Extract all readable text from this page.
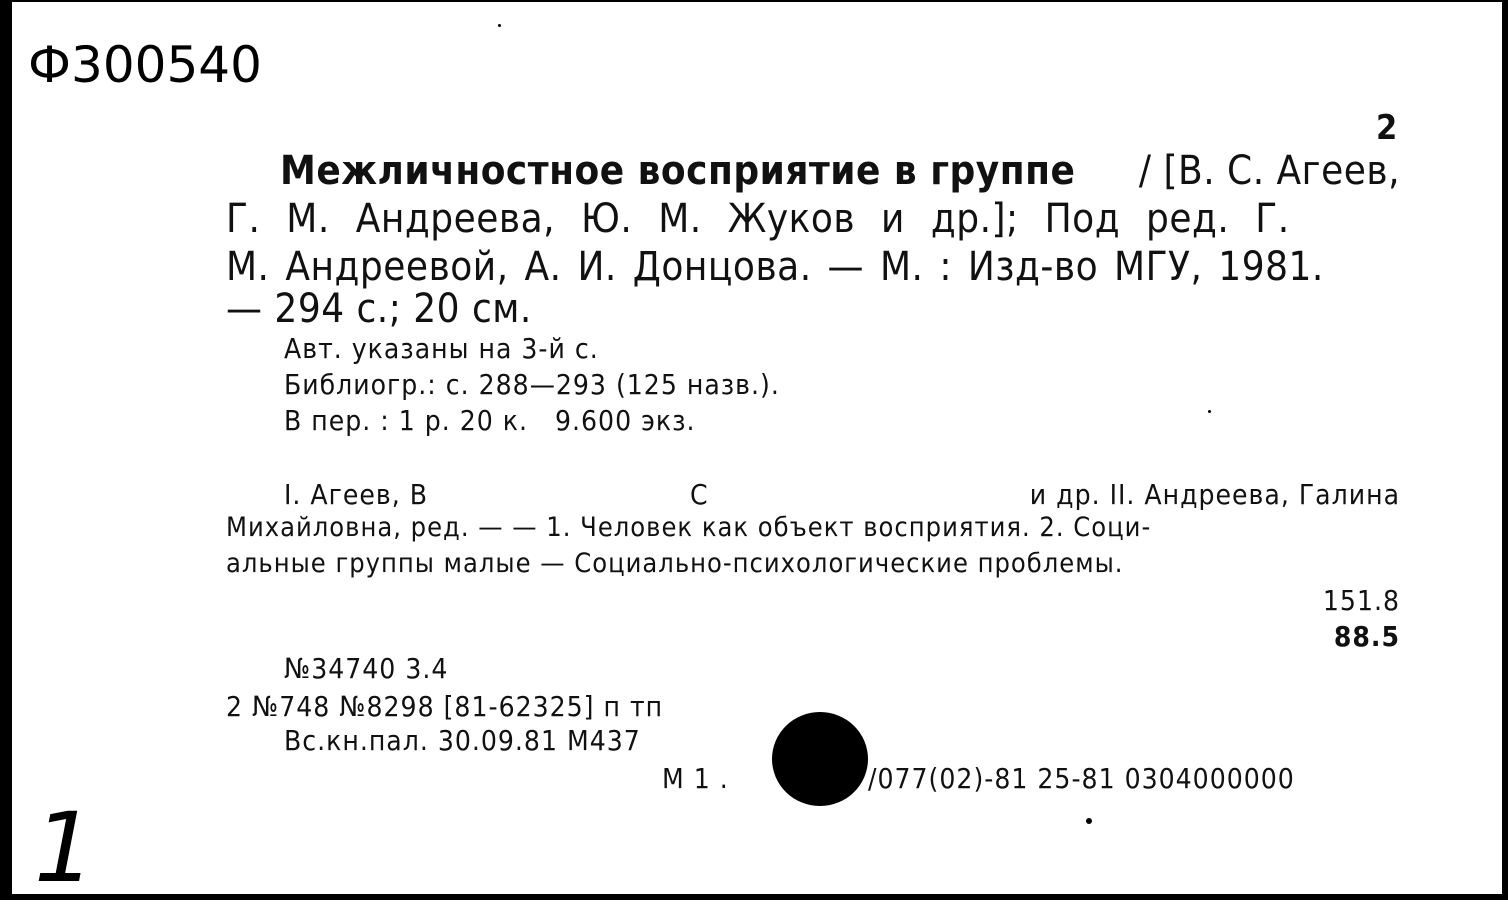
Ф300540
1
2
Межличностное восприятие в группе / [В. С. Агеев,
Г. М. Андреева, Ю. М. Жуков и др.]; Под ред. Г.
М. Андреевой, А. И. Донцова. — М. : Изд-во МГУ, 1981.
— 294 с.; 20 см.
Авт. указаны на 3-й с.
Библиогр.: с. 288—293 (125 назв.).
В пер. : 1 р. 20 к.   9.600 экз.
I. Агеев, В	С	и др. II. Андреева, Галина
Михайловна, ред. — — 1. Человек как объект восприятия. 2. Соци-
альные группы малые — Социально-психологические проблемы.
151.8
88.5
№34740 3.4
2 №748 №8298 [81-62325] п тп
Вс.кн.пал. 30.09.81 М437
М 1 .	/077(02)-81 25-81 0304000000
